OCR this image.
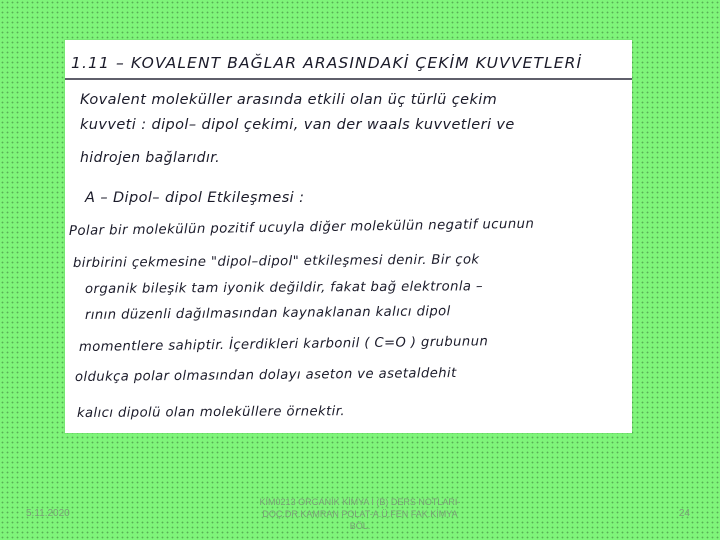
1.11 – KOVALENT BAĞLAR ARASINDAKİ ÇEKİM KUVVETLERİ
Kovalent moleküller arasında etkili olan üç türlü çekim
kuvveti : dipol– dipol çekimi, van der waals kuvvetleri ve
hidrojen bağlarıdır.
A – Dipol– dipol Etkileşmesi :
Polar bir molekülün pozitif ucuyla diğer molekülün negatif ucunun
birbirini çekmesine "dipol–dipol" etkileşmesi denir. Bir çok
organik bileşik tam iyonik değildir, fakat bağ elektronla –
rının düzenli dağılmasından kaynaklanan kalıcı dipol
momentlere sahiptir. İçerdikleri karbonil ( C=O ) grubunun
oldukça polar olmasından dolayı aseton ve asetaldehit
kalıcı dipolü olan moleküllere örnektir.
5.11.2020
KİM0213 ORGANİK KİMYA I (B) DERS NOTLARI-DOÇ.DR.KAMRAN POLAT-A.Ü.FEN FAK.KİMYA BÖL.
24
